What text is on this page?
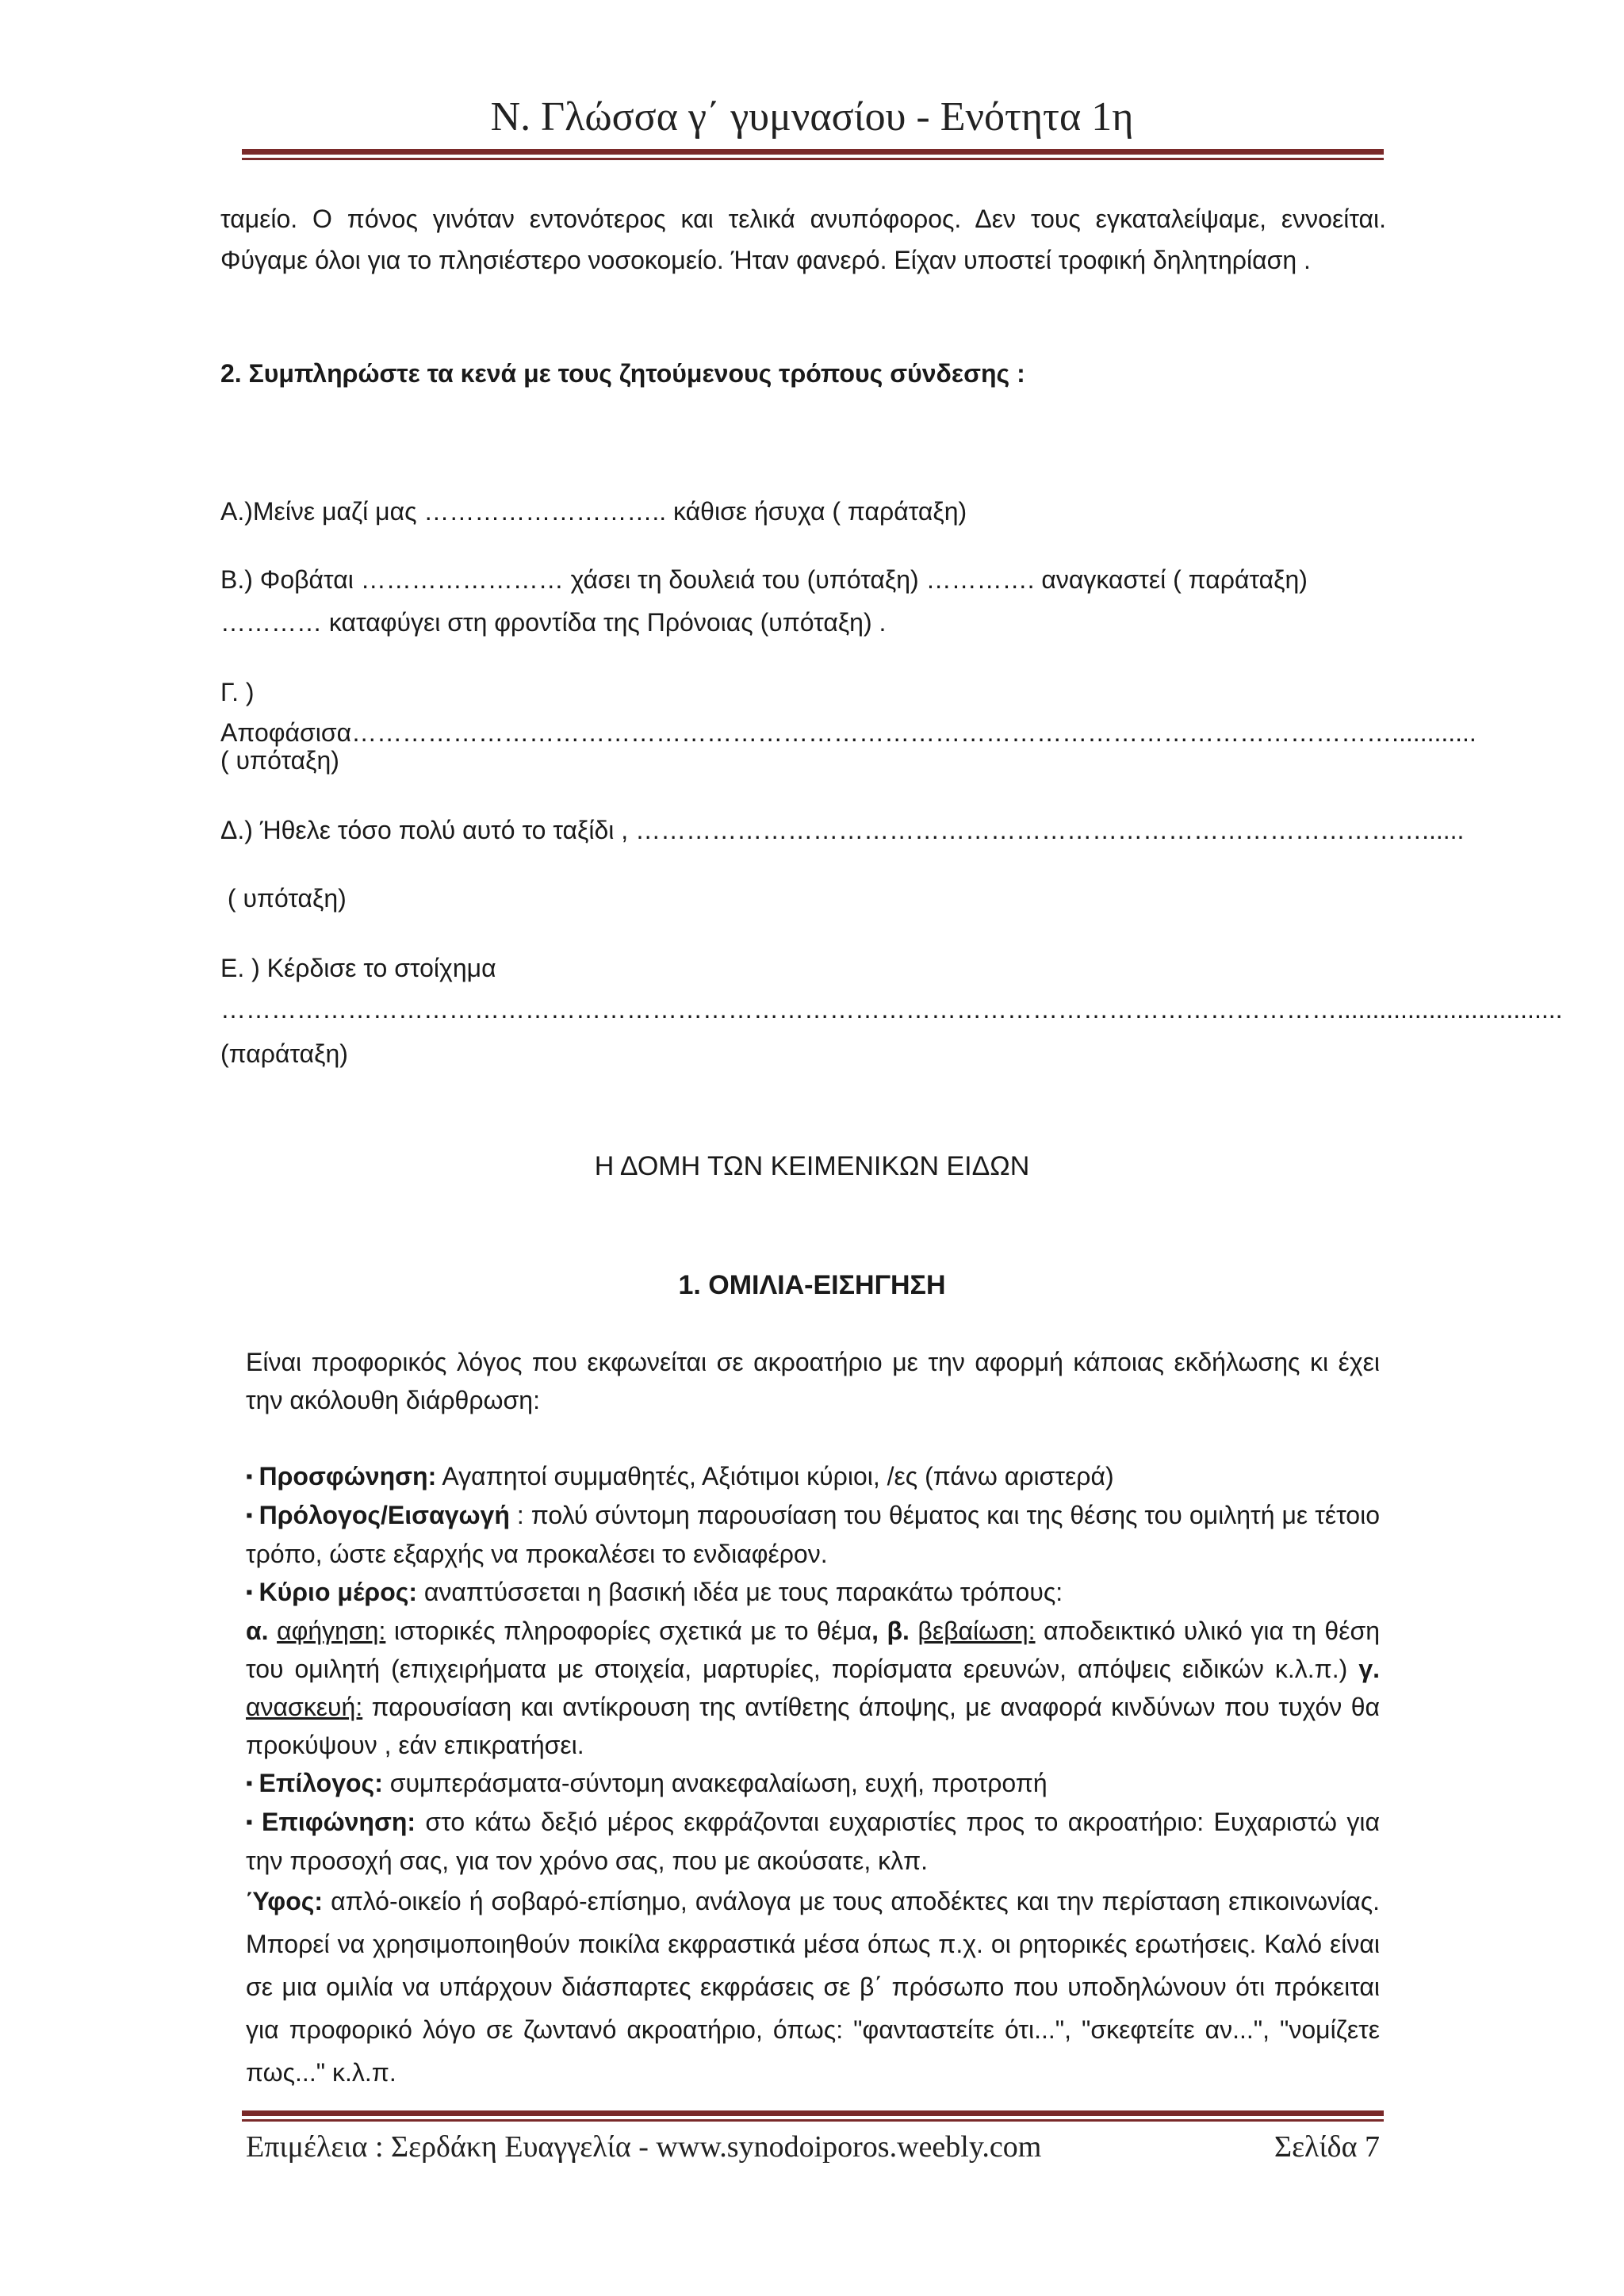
Ν. Γλώσσα γ΄ γυμνασίου - Ενότητα 1η
ταμείο. Ο πόνος γινόταν εντονότερος και τελικά ανυπόφορος. Δεν τους εγκαταλείψαμε, εννοείται. Φύγαμε όλοι για το πλησιέστερο νοσοκομείο. Ήταν φανερό. Είχαν υποστεί τροφική δηλητηρίαση .
2. Συμπληρώστε τα κενά με τους ζητούμενους τρόπους σύνδεσης :
Α.)Μείνε μαζί μας ……………………….. κάθισε ήσυχα ( παράταξη)
Β.) Φοβάται …………………… χάσει τη δουλειά του (υπόταξη) …………. αναγκαστεί ( παράταξη)
………… καταφύγει στη φροντίδα της Πρόνοιας (υπόταξη) .
Γ. ) Αποφάσισα……………………………………………………………………………………………………………............
( υπόταξη)
Δ.) Ήθελε τόσο πολύ αυτό το ταξίδι , …………………………………………………………………………………......
( υπόταξη)
Ε. ) Κέρδισε το στοίχημα
……………………………………………………………………………………………………………………................................
(παράταξη)
Η ΔΟΜΗ ΤΩΝ ΚΕΙΜΕΝΙΚΩΝ ΕΙΔΩΝ
1. ΟΜΙΛΙΑ-ΕΙΣΗΓΗΣΗ
Είναι προφορικός λόγος που εκφωνείται σε ακροατήριο με την αφορμή κάποιας εκδήλωσης κι έχει την ακόλουθη διάρθρωση:

▪ Προσφώνηση: Αγαπητοί συμμαθητές, Αξιότιμοι κύριοι, /ες (πάνω αριστερά)

▪ Πρόλογος/Εισαγωγή : πολύ σύντομη παρουσίαση του θέματος και της θέσης του ομιλητή με τέτοιο τρόπο, ώστε εξαρχής να προκαλέσει το ενδιαφέρον.

▪ Κύριο μέρος: αναπτύσσεται η βασική ιδέα με τους παρακάτω τρόπους:

α. αφήγηση: ιστορικές πληροφορίες σχετικά με το θέμα, β. βεβαίωση: αποδεικτικό υλικό για τη θέση του ομιλητή (επιχειρήματα με στοιχεία, μαρτυρίες, πορίσματα ερευνών, απόψεις ειδικών κ.λ.π.) γ. ανασκευή: παρουσίαση και αντίκρουση της αντίθετης άποψης, με αναφορά κινδύνων που τυχόν θα προκύψουν , εάν επικρατήσει.

▪ Επίλογος: συμπεράσματα-σύντομη ανακεφαλαίωση, ευχή, προτροπή

▪ Επιφώνηση: στο κάτω δεξιό μέρος εκφράζονται ευχαριστίες προς το ακροατήριο: Ευχαριστώ για την προσοχή σας, για τον χρόνο σας, που με ακούσατε, κλπ.

Ύφος: απλό-οικείο ή σοβαρό-επίσημο, ανάλογα με τους αποδέκτες και την περίσταση επικοινωνίας. Μπορεί να χρησιμοποιηθούν ποικίλα εκφραστικά μέσα όπως π.χ. οι ρητορικές ερωτήσεις. Καλό είναι σε μια ομιλία να υπάρχουν διάσπαρτες εκφράσεις σε β΄ πρόσωπο που υποδηλώνουν ότι πρόκειται για προφορικό λόγο σε ζωντανό ακροατήριο, όπως: "φανταστείτε ότι...", "σκεφτείτε αν...", "νομίζετε πως..." κ.λ.π.

Επιμέλεια : Σερδάκη Ευαγγελία - www.synodoiporos.weebly.com	Σελίδα 7
